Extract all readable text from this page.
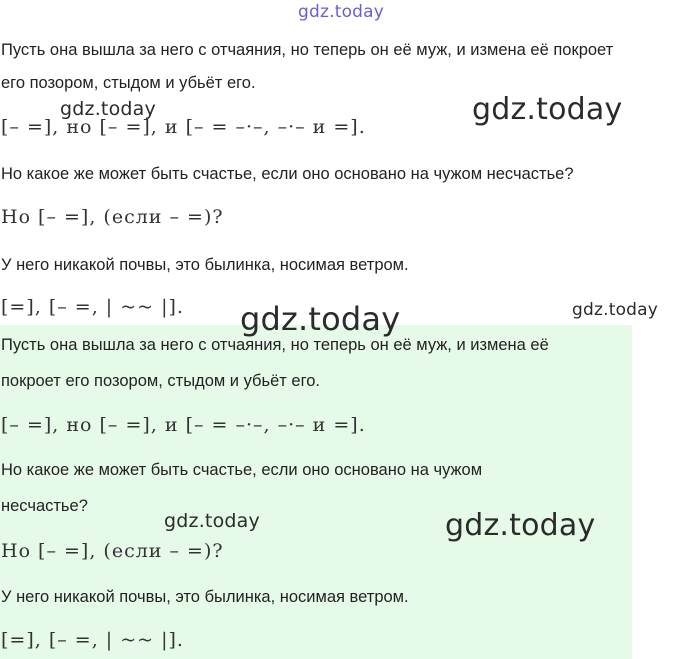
gdz.today
gdz.today	gdz.today
gdz.today
gdz.today
gdz.today	gdz.today
Пусть она вышла за него с отчаяния, но теперь он её муж, и измена её покроет
его позором, стыдом и убьёт его.
[– =], но [– =], и [– = –·–, –·– и =].
Но какое же может быть счастье, если оно основано на чужом несчастье?
Но [– =], (если – =)?
У него никакой почвы, это былинка, носимая ветром.
[=], [– =, | ~~ |].
Пусть она вышла за него с отчаяния, но теперь он её муж, и измена её
покроет его позором, стыдом и убьёт его.
[– =], но [– =], и [– = –·–, –·– и =].
Но какое же может быть счастье, если оно основано на чужом
несчастье?
Но [– =], (если – =)?
У него никакой почвы, это былинка, носимая ветром.
[=], [– =, | ~~ |].
